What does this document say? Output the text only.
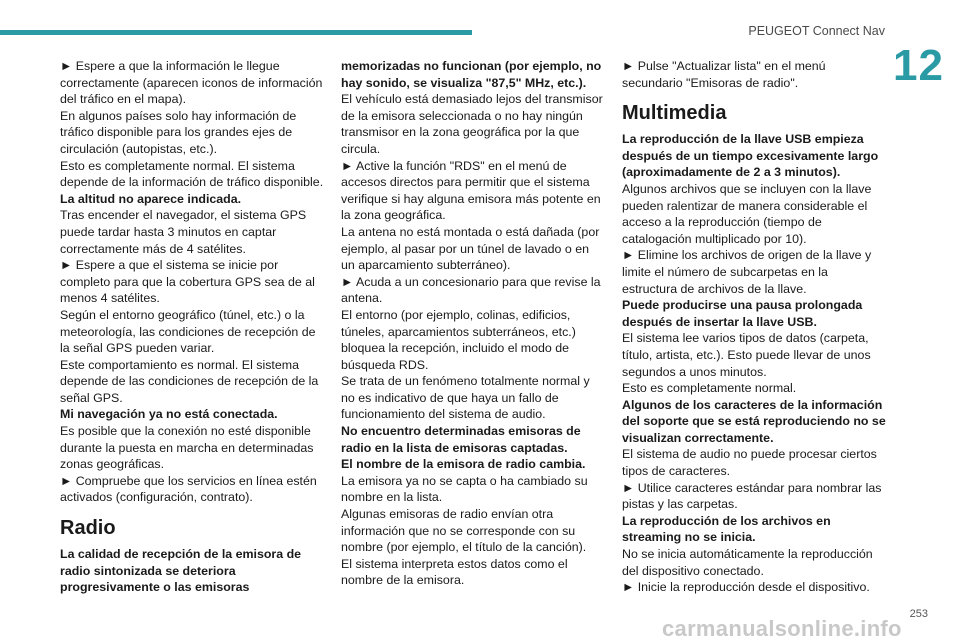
PEUGEOT Connect Nav
12

► Espere a que la información le llegue correctamente (aparecen iconos de información del tráfico en el mapa).

En algunos países solo hay información de tráfico disponible para los grandes ejes de circulación (autopistas, etc.).

Esto es completamente normal. El sistema depende de la información de tráfico disponible.

La altitud no aparece indicada.

Tras encender el navegador, el sistema GPS puede tardar hasta 3 minutos en captar correctamente más de 4 satélites.

► Espere a que el sistema se inicie por completo para que la cobertura GPS sea de al menos 4 satélites.

Según el entorno geográfico (túnel, etc.) o la meteorología, las condiciones de recepción de la señal GPS pueden variar.

Este comportamiento es normal. El sistema depende de las condiciones de recepción de la señal GPS.

Mi navegación ya no está conectada.

Es posible que la conexión no esté disponible durante la puesta en marcha en determinadas zonas geográficas.

► Compruebe que los servicios en línea estén activados (configuración, contrato).

Radio

La calidad de recepción de la emisora de radio sintonizada se deteriora progresivamente o las emisoras

memorizadas no funcionan (por ejemplo, no hay sonido, se visualiza "87,5" MHz, etc.).

El vehículo está demasiado lejos del transmisor de la emisora seleccionada o no hay ningún transmisor en la zona geográfica por la que circula.

► Active la función "RDS" en el menú de accesos directos para permitir que el sistema verifique si hay alguna emisora más potente en la zona geográfica.

La antena no está montada o está dañada (por ejemplo, al pasar por un túnel de lavado o en un aparcamiento subterráneo).

► Acuda a un concesionario para que revise la antena.

El entorno (por ejemplo, colinas, edificios, túneles, aparcamientos subterráneos, etc.) bloquea la recepción, incluido el modo de búsqueda RDS.

Se trata de un fenómeno totalmente normal y no es indicativo de que haya un fallo de funcionamiento del sistema de audio.

No encuentro determinadas emisoras de radio en la lista de emisoras captadas.

El nombre de la emisora de radio cambia.

La emisora ya no se capta o ha cambiado su nombre en la lista.

Algunas emisoras de radio envían otra información que no se corresponde con su nombre (por ejemplo, el título de la canción).

El sistema interpreta estos datos como el nombre de la emisora.

► Pulse "Actualizar lista" en el menú secundario "Emisoras de radio".

Multimedia

La reproducción de la llave USB empieza después de un tiempo excesivamente largo (aproximadamente de 2 a 3 minutos).

Algunos archivos que se incluyen con la llave pueden ralentizar de manera considerable el acceso a la reproducción (tiempo de catalogación multiplicado por 10).

► Elimine los archivos de origen de la llave y limite el número de subcarpetas en la estructura de archivos de la llave.

Puede producirse una pausa prolongada después de insertar la llave USB.

El sistema lee varios tipos de datos (carpeta, título, artista, etc.). Esto puede llevar de unos segundos a unos minutos.

Esto es completamente normal.

Algunos de los caracteres de la información del soporte que se está reproduciendo no se visualizan correctamente.

El sistema de audio no puede procesar ciertos tipos de caracteres.

► Utilice caracteres estándar para nombrar las pistas y las carpetas.

La reproducción de los archivos en streaming no se inicia.

No se inicia automáticamente la reproducción del dispositivo conectado.

► Inicie la reproducción desde el dispositivo.

253
carmanualsonline.info
